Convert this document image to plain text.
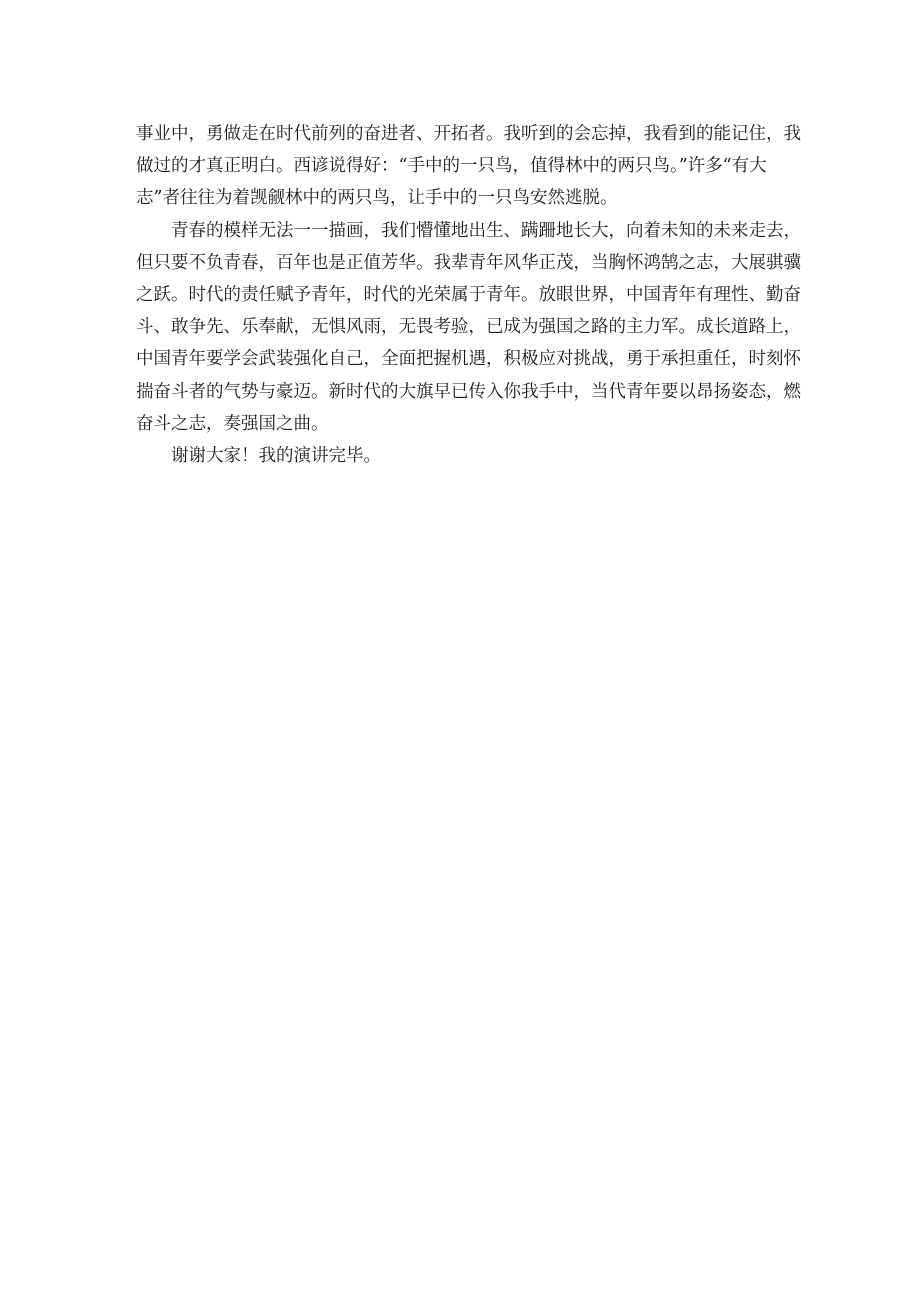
事业中，勇做走在时代前列的奋进者、开拓者。我听到的会忘掉，我看到的能记住，我
做过的才真正明白。西谚说得好：“手中的一只鸟，值得林中的两只鸟。”许多“有大
志”者往往为着觊觎林中的两只鸟，让手中的一只鸟安然逃脱。
青春的模样无法一一描画，我们懵懂地出生、蹒跚地长大，向着未知的未来走去，
但只要不负青春，百年也是正值芳华。我辈青年风华正茂，当胸怀鸿鹄之志，大展骐骥
之跃。时代的责任赋予青年，时代的光荣属于青年。放眼世界，中国青年有理性、勤奋
斗、敢争先、乐奉献，无惧风雨，无畏考验，已成为强国之路的主力军。成长道路上，
中国青年要学会武装强化自己，全面把握机遇，积极应对挑战，勇于承担重任，时刻怀
揣奋斗者的气势与豪迈。新时代的大旗早已传入你我手中，当代青年要以昂扬姿态，燃
奋斗之志，奏强国之曲。
谢谢大家！我的演讲完毕。
